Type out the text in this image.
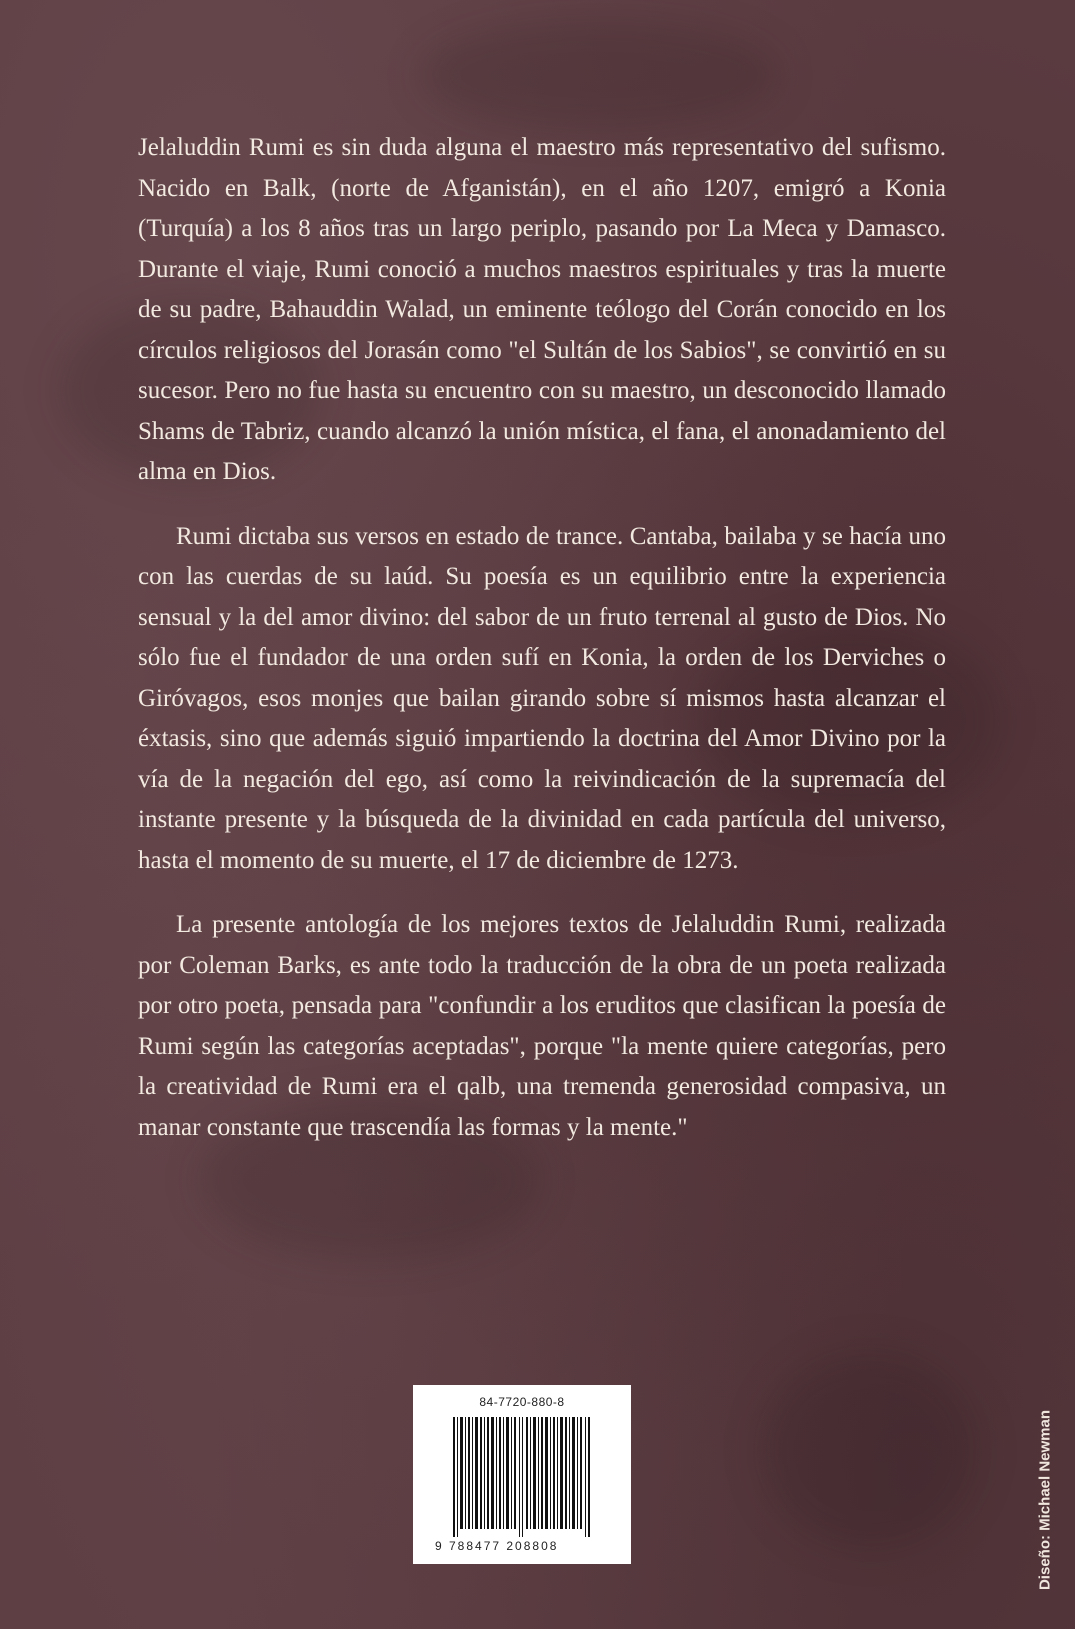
Jelaluddin Rumi es sin duda alguna el maestro más representativo del sufismo. Nacido en Balk, (norte de Afganistán), en el año 1207, emigró a Konia (Turquía) a los 8 años tras un largo periplo, pasando por La Meca y Damasco. Durante el viaje, Rumi conoció a muchos maestros espirituales y tras la muerte de su padre, Bahauddin Walad, un eminente teólogo del Corán conocido en los círculos religiosos del Jorasán como "el Sultán de los Sabios", se convirtió en su sucesor. Pero no fue hasta su encuentro con su maestro, un desconocido llamado Shams de Tabriz, cuando alcanzó la unión mística, el fana, el anonadamiento del alma en Dios.

Rumi dictaba sus versos en estado de trance. Cantaba, bailaba y se hacía uno con las cuerdas de su laúd. Su poesía es un equilibrio entre la experiencia sensual y la del amor divino: del sabor de un fruto terrenal al gusto de Dios. No sólo fue el fundador de una orden sufí en Konia, la orden de los Derviches o Giróvagos, esos monjes que bailan girando sobre sí mismos hasta alcanzar el éxtasis, sino que además siguió impartiendo la doctrina del Amor Divino por la vía de la negación del ego, así como la reivindicación de la supremacía del instante presente y la búsqueda de la divinidad en cada partícula del universo, hasta el momento de su muerte, el 17 de diciembre de 1273.

La presente antología de los mejores textos de Jelaluddin Rumi, realizada por Coleman Barks, es ante todo la traducción de la obra de un poeta realizada por otro poeta, pensada para "confundir a los eruditos que clasifican la poesía de Rumi según las categorías aceptadas", porque "la mente quiere categorías, pero la creatividad de Rumi era el qalb, una tremenda generosidad compasiva, un manar constante que trascendía las formas y la mente."

84-7720-880-8
9 788477 208808	Diseño: Michael Newman
